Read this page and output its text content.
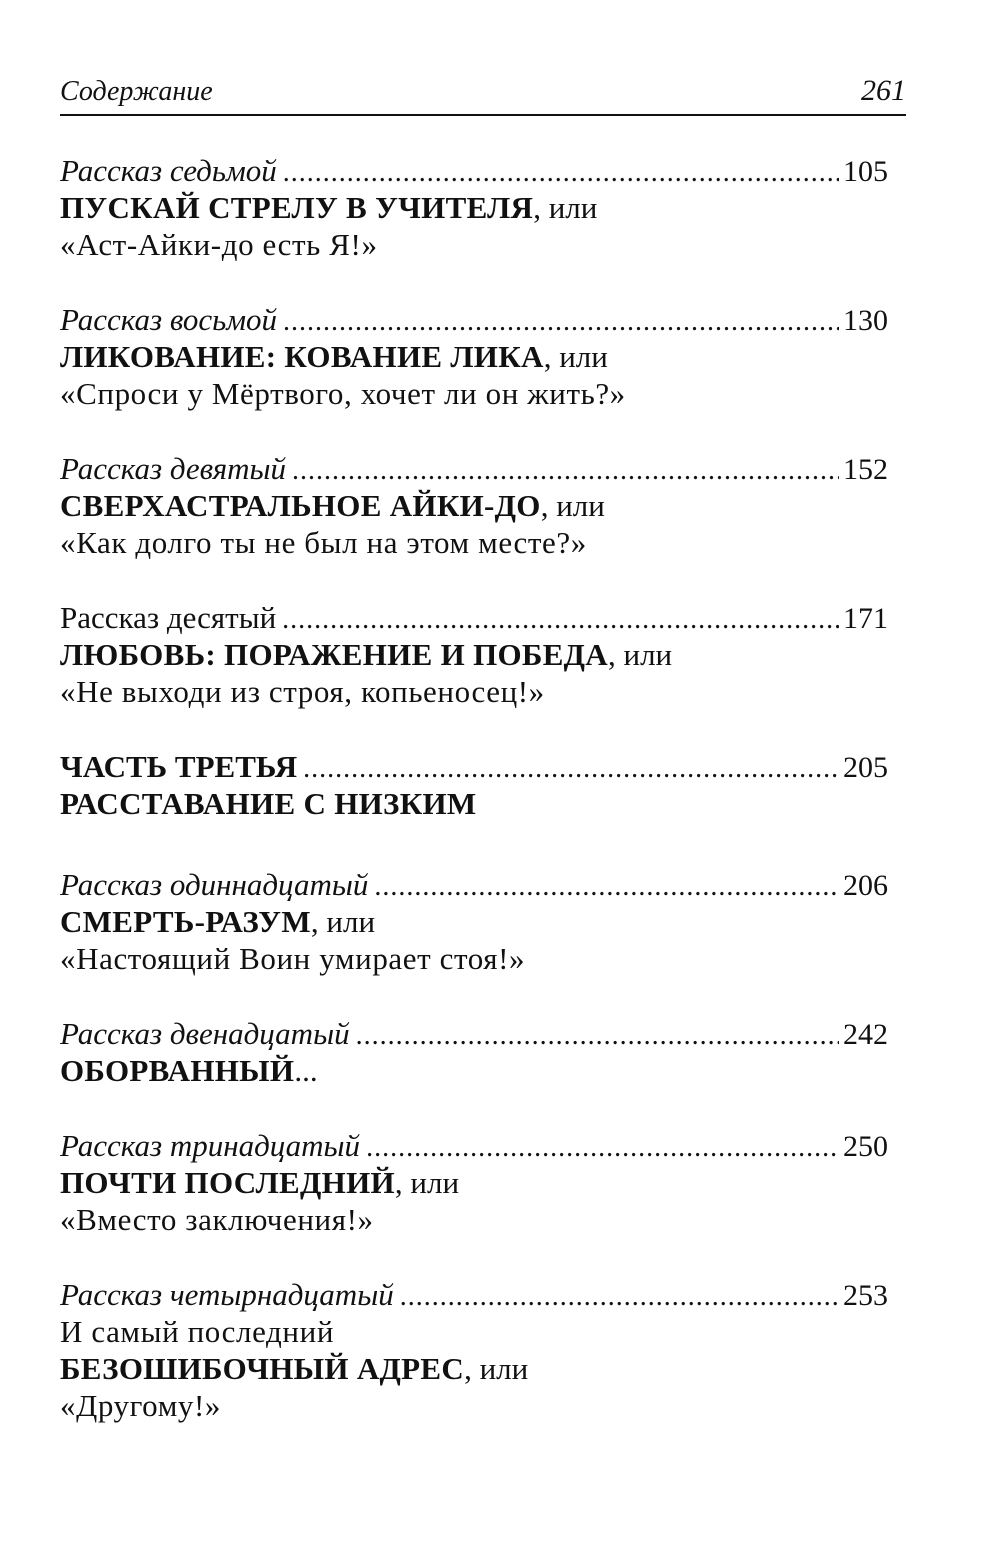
Содержание	261
Рассказ седьмой .....	105
ПУСКАЙ СТРЕЛУ В УЧИТЕЛЯ, или
«Аст-Айки-до есть Я!»
Рассказ восьмой .....	130
ЛИКОВАНИЕ: КОВАНИЕ ЛИКА, или
«Спроси у Мёртвого, хочет ли он жить?»
Рассказ девятый .....	152
СВЕРХАСТРАЛЬНОЕ АЙКИ-ДО, или
«Как долго ты не был на этом месте?»
Рассказ десятый .....	171
ЛЮБОВЬ: ПОРАЖЕНИЕ И ПОБЕДА, или
«Не выходи из строя, копьеносец!»
ЧАСТЬ ТРЕТЬЯ .....	205
РАССТАВАНИЕ С НИЗКИМ
Рассказ одиннадцатый .....	206
СМЕРТЬ-РАЗУМ, или
«Настоящий Воин умирает стоя!»
Рассказ двенадцатый .....	242
ОБОРВАННЫЙ...
Рассказ тринадцатый .....	250
ПОЧТИ ПОСЛЕДНИЙ, или
«Вместо заключения!»
Рассказ четырнадцатый .....	253
И самый последний
БЕЗОШИБОЧНЫЙ АДРЕС, или
«Другому!»
